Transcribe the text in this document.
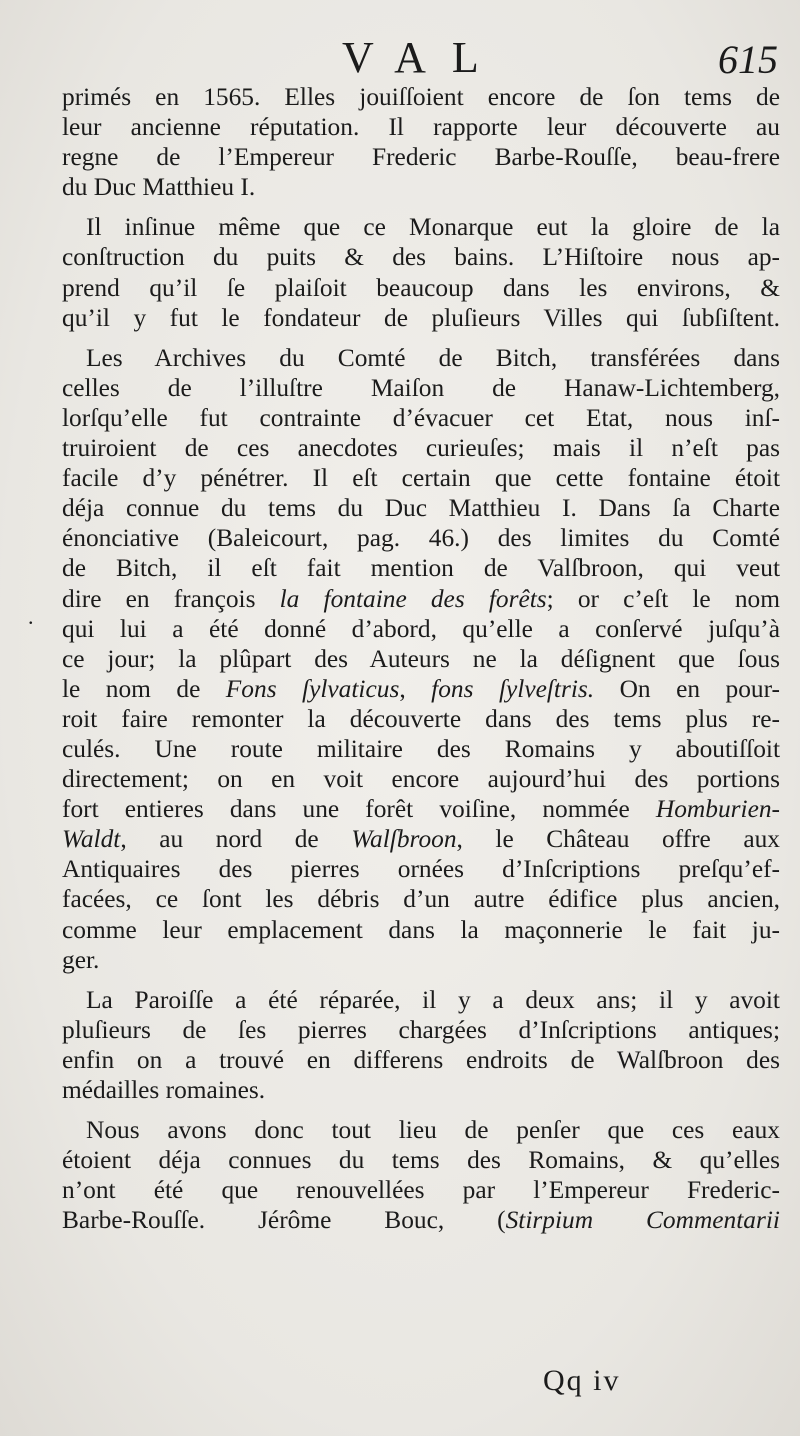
VAL	615
primés en 1565. Elles jouiſſoient encore de ſon tems de
leur ancienne réputation. Il rapporte leur découverte au
regne de l’Empereur Frederic Barbe-Rouſſe, beau-frere
du Duc Matthieu I.
Il inſinue même que ce Monarque eut la gloire de la
conſtruction du puits & des bains. L’Hiſtoire nous ap-
prend qu’il ſe plaiſoit beaucoup dans les environs, &
qu’il y fut le fondateur de pluſieurs Villes qui ſubſiſtent.
Les Archives du Comté de Bitch, transférées dans
celles de l’illuſtre Maiſon de Hanaw-Lichtemberg,
lorſqu’elle fut contrainte d’évacuer cet Etat, nous inſ-
truiroient de ces anecdotes curieuſes; mais il n’eſt pas
facile d’y pénétrer. Il eſt certain que cette fontaine étoit
déja connue du tems du Duc Matthieu I. Dans ſa Charte
énonciative (Baleicourt, pag. 46.) des limites du Comté
de Bitch, il eſt fait mention de Valſbroon, qui veut
dire en françois la fontaine des forêts; or c’eſt le nom
qui lui a été donné d’abord, qu’elle a conſervé juſqu’à
ce jour; la plûpart des Auteurs ne la déſignent que ſous
le nom de Fons ſylvaticus, fons ſylveſtris. On en pour-
roit faire remonter la découverte dans des tems plus re-
culés. Une route militaire des Romains y aboutiſſoit
directement; on en voit encore aujourd’hui des portions
fort entieres dans une forêt voiſine, nommée Homburien-
Waldt, au nord de Walſbroon, le Château offre aux
Antiquaires des pierres ornées d’Inſcriptions preſqu’ef-
facées, ce ſont les débris d’un autre édifice plus ancien,
comme leur emplacement dans la maçonnerie le fait ju-
ger.
La Paroiſſe a été réparée, il y a deux ans; il y avoit
pluſieurs de ſes pierres chargées d’Inſcriptions antiques;
enfin on a trouvé en differens endroits de Walſbroon des
médailles romaines.
Nous avons donc tout lieu de penſer que ces eaux
étoient déja connues du tems des Romains, & qu’elles
n’ont été que renouvellées par l’Empereur Frederic-
Barbe-Rouſſe. Jérôme Bouc, (Stirpium Commentarii
.
Qq iv
